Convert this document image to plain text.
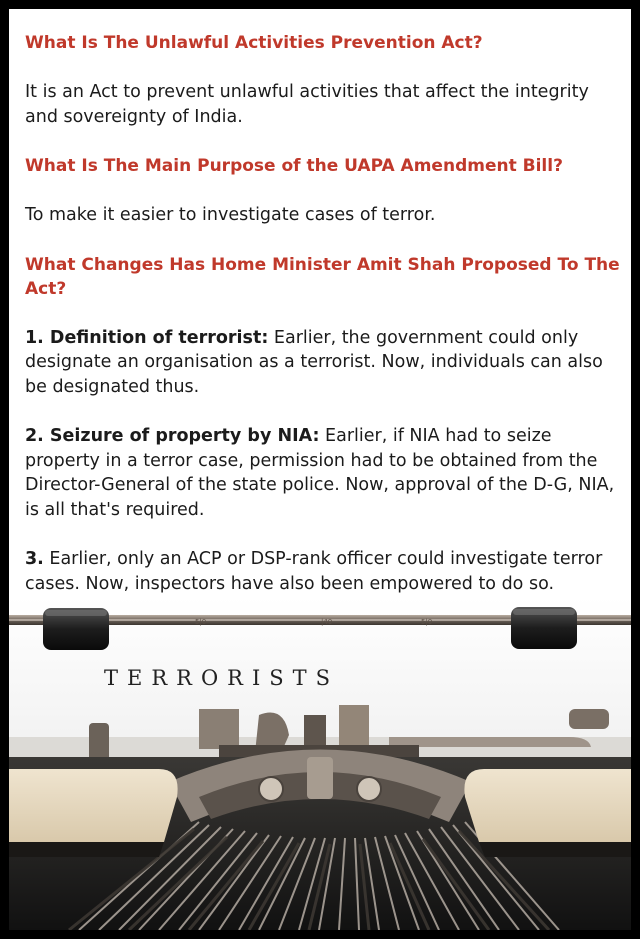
What Is The Unlawful Activities Prevention Act?

It is an Act to prevent unlawful activities that affect the integrity and sovereignty of India.

What Is The Main Purpose of the UAPA Amendment Bill?

To make it easier to investigate cases of terror.

What Changes Has Home Minister Amit Shah Proposed To The Act?

1. Definition of terrorist: Earlier, the government could only designate an organisation as a terrorist. Now, individuals can also be designated thus.

2. Seizure of property by NIA: Earlier, if NIA had to seize property in a terror case, permission had to be obtained from the Director-General of the state police. Now, approval of the D-G, NIA, is all that's required.

3. Earlier, only an ACP or DSP-rank officer could investigate terror cases. Now, inspectors have also been empowered to do so.

5|0	|40	5|0
TERRORISTS
